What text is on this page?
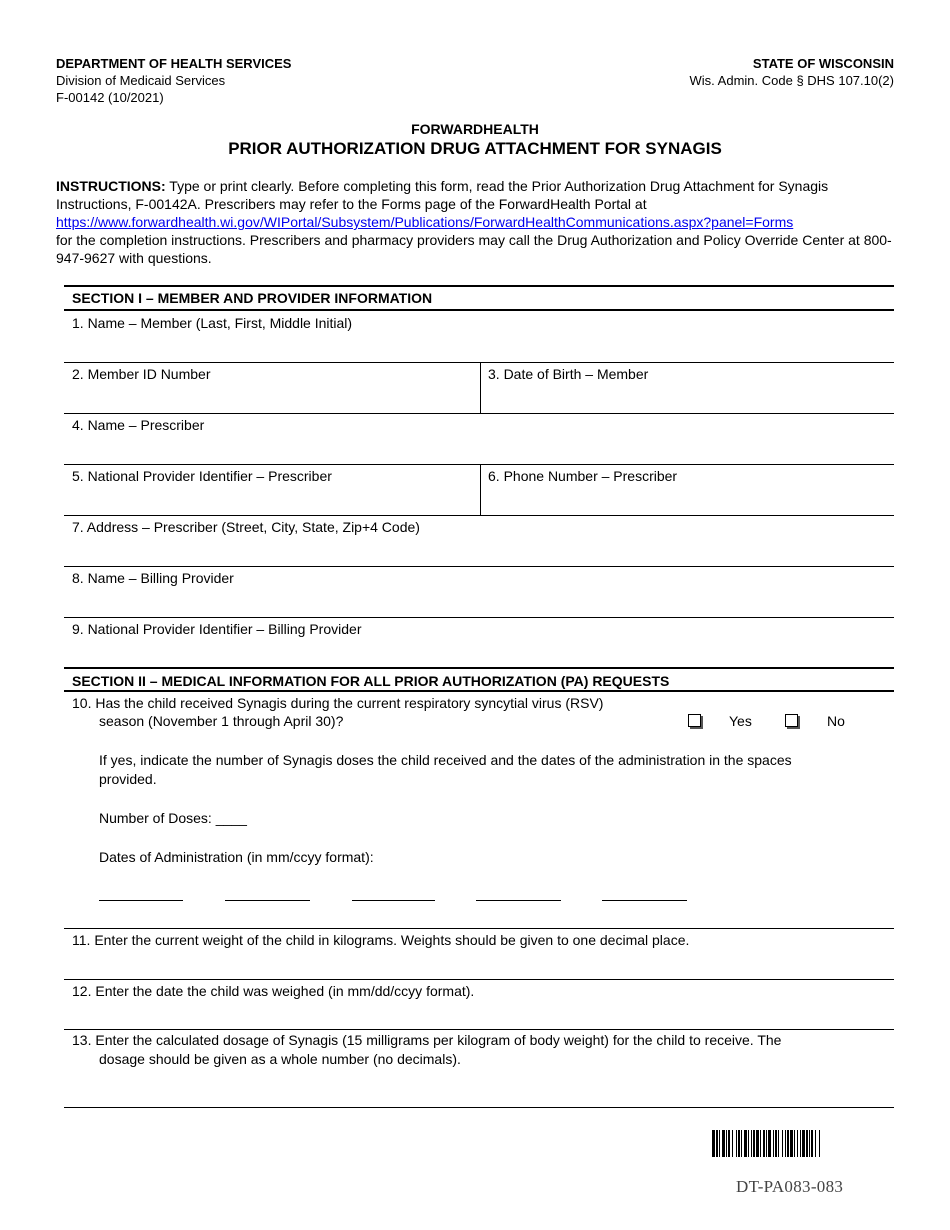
DEPARTMENT OF HEALTH SERVICES
Division of Medicaid Services
F-00142 (10/2021)
STATE OF WISCONSIN
Wis. Admin. Code § DHS 107.10(2)
FORWARDHEALTH
PRIOR AUTHORIZATION DRUG ATTACHMENT FOR SYNAGIS
INSTRUCTIONS: Type or print clearly. Before completing this form, read the Prior Authorization Drug Attachment for Synagis Instructions, F-00142A. Prescribers may refer to the Forms page of the ForwardHealth Portal at
https://www.forwardhealth.wi.gov/WIPortal/Subsystem/Publications/ForwardHealthCommunications.aspx?panel=Forms
for the completion instructions. Prescribers and pharmacy providers may call the Drug Authorization and Policy Override Center at 800-947-9627 with questions.
SECTION I – MEMBER AND PROVIDER INFORMATION
1. Name – Member (Last, First, Middle Initial)
2. Member ID Number	3. Date of Birth – Member
4. Name – Prescriber
5. National Provider Identifier – Prescriber	6. Phone Number – Prescriber
7. Address – Prescriber (Street, City, State, Zip+4 Code)
8. Name – Billing Provider
9. National Provider Identifier – Billing Provider
SECTION II – MEDICAL INFORMATION FOR ALL PRIOR AUTHORIZATION (PA) REQUESTS
10. Has the child received Synagis during the current respiratory syncytial virus (RSV)
season (November 1 through April 30)?	Yes	No
If yes, indicate the number of Synagis doses the child received and the dates of the administration in the spaces
provided.
Number of Doses: ____
Dates of Administration (in mm/ccyy format):
11. Enter the current weight of the child in kilograms. Weights should be given to one decimal place.
12. Enter the date the child was weighed (in mm/dd/ccyy format).
13. Enter the calculated dosage of Synagis (15 milligrams per kilogram of body weight) for the child to receive. The
dosage should be given as a whole number (no decimals).
DT-PA083-083
